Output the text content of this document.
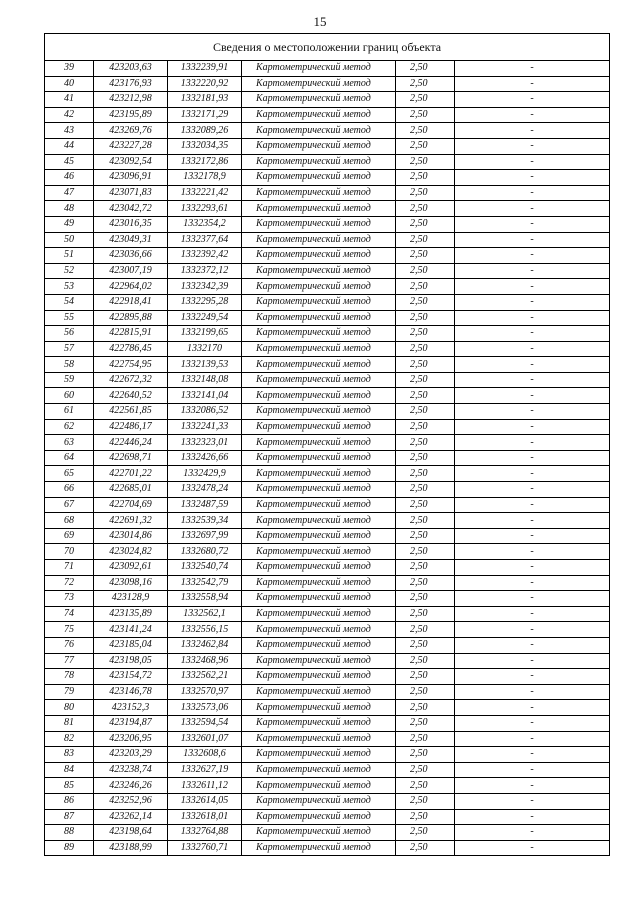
15
Сведения о местоположении границ объекта					
39	423203,63	1332239,91	Картометрический метод	2,50	-
40	423176,93	1332220,92	Картометрический метод	2,50	-
41	423212,98	1332181,93	Картометрический метод	2,50	-
42	423195,89	1332171,29	Картометрический метод	2,50	-
43	423269,76	1332089,26	Картометрический метод	2,50	-
44	423227,28	1332034,35	Картометрический метод	2,50	-
45	423092,54	1332172,86	Картометрический метод	2,50	-
46	423096,91	1332178,9	Картометрический метод	2,50	-
47	423071,83	1332221,42	Картометрический метод	2,50	-
48	423042,72	1332293,61	Картометрический метод	2,50	-
49	423016,35	1332354,2	Картометрический метод	2,50	-
50	423049,31	1332377,64	Картометрический метод	2,50	-
51	423036,66	1332392,42	Картометрический метод	2,50	-
52	423007,19	1332372,12	Картометрический метод	2,50	-
53	422964,02	1332342,39	Картометрический метод	2,50	-
54	422918,41	1332295,28	Картометрический метод	2,50	-
55	422895,88	1332249,54	Картометрический метод	2,50	-
56	422815,91	1332199,65	Картометрический метод	2,50	-
57	422786,45	1332170	Картометрический метод	2,50	-
58	422754,95	1332139,53	Картометрический метод	2,50	-
59	422672,32	1332148,08	Картометрический метод	2,50	-
60	422640,52	1332141,04	Картометрический метод	2,50	-
61	422561,85	1332086,52	Картометрический метод	2,50	-
62	422486,17	1332241,33	Картометрический метод	2,50	-
63	422446,24	1332323,01	Картометрический метод	2,50	-
64	422698,71	1332426,66	Картометрический метод	2,50	-
65	422701,22	1332429,9	Картометрический метод	2,50	-
66	422685,01	1332478,24	Картометрический метод	2,50	-
67	422704,69	1332487,59	Картометрический метод	2,50	-
68	422691,32	1332539,34	Картометрический метод	2,50	-
69	423014,86	1332697,99	Картометрический метод	2,50	-
70	423024,82	1332680,72	Картометрический метод	2,50	-
71	423092,61	1332540,74	Картометрический метод	2,50	-
72	423098,16	1332542,79	Картометрический метод	2,50	-
73	423128,9	1332558,94	Картометрический метод	2,50	-
74	423135,89	1332562,1	Картометрический метод	2,50	-
75	423141,24	1332556,15	Картометрический метод	2,50	-
76	423185,04	1332462,84	Картометрический метод	2,50	-
77	423198,05	1332468,96	Картометрический метод	2,50	-
78	423154,72	1332562,21	Картометрический метод	2,50	-
79	423146,78	1332570,97	Картометрический метод	2,50	-
80	423152,3	1332573,06	Картометрический метод	2,50	-
81	423194,87	1332594,54	Картометрический метод	2,50	-
82	423206,95	1332601,07	Картометрический метод	2,50	-
83	423203,29	1332608,6	Картометрический метод	2,50	-
84	423238,74	1332627,19	Картометрический метод	2,50	-
85	423246,26	1332611,12	Картометрический метод	2,50	-
86	423252,96	1332614,05	Картометрический метод	2,50	-
87	423262,14	1332618,01	Картометрический метод	2,50	-
88	423198,64	1332764,88	Картометрический метод	2,50	-
89	423188,99	1332760,71	Картометрический метод	2,50	-
